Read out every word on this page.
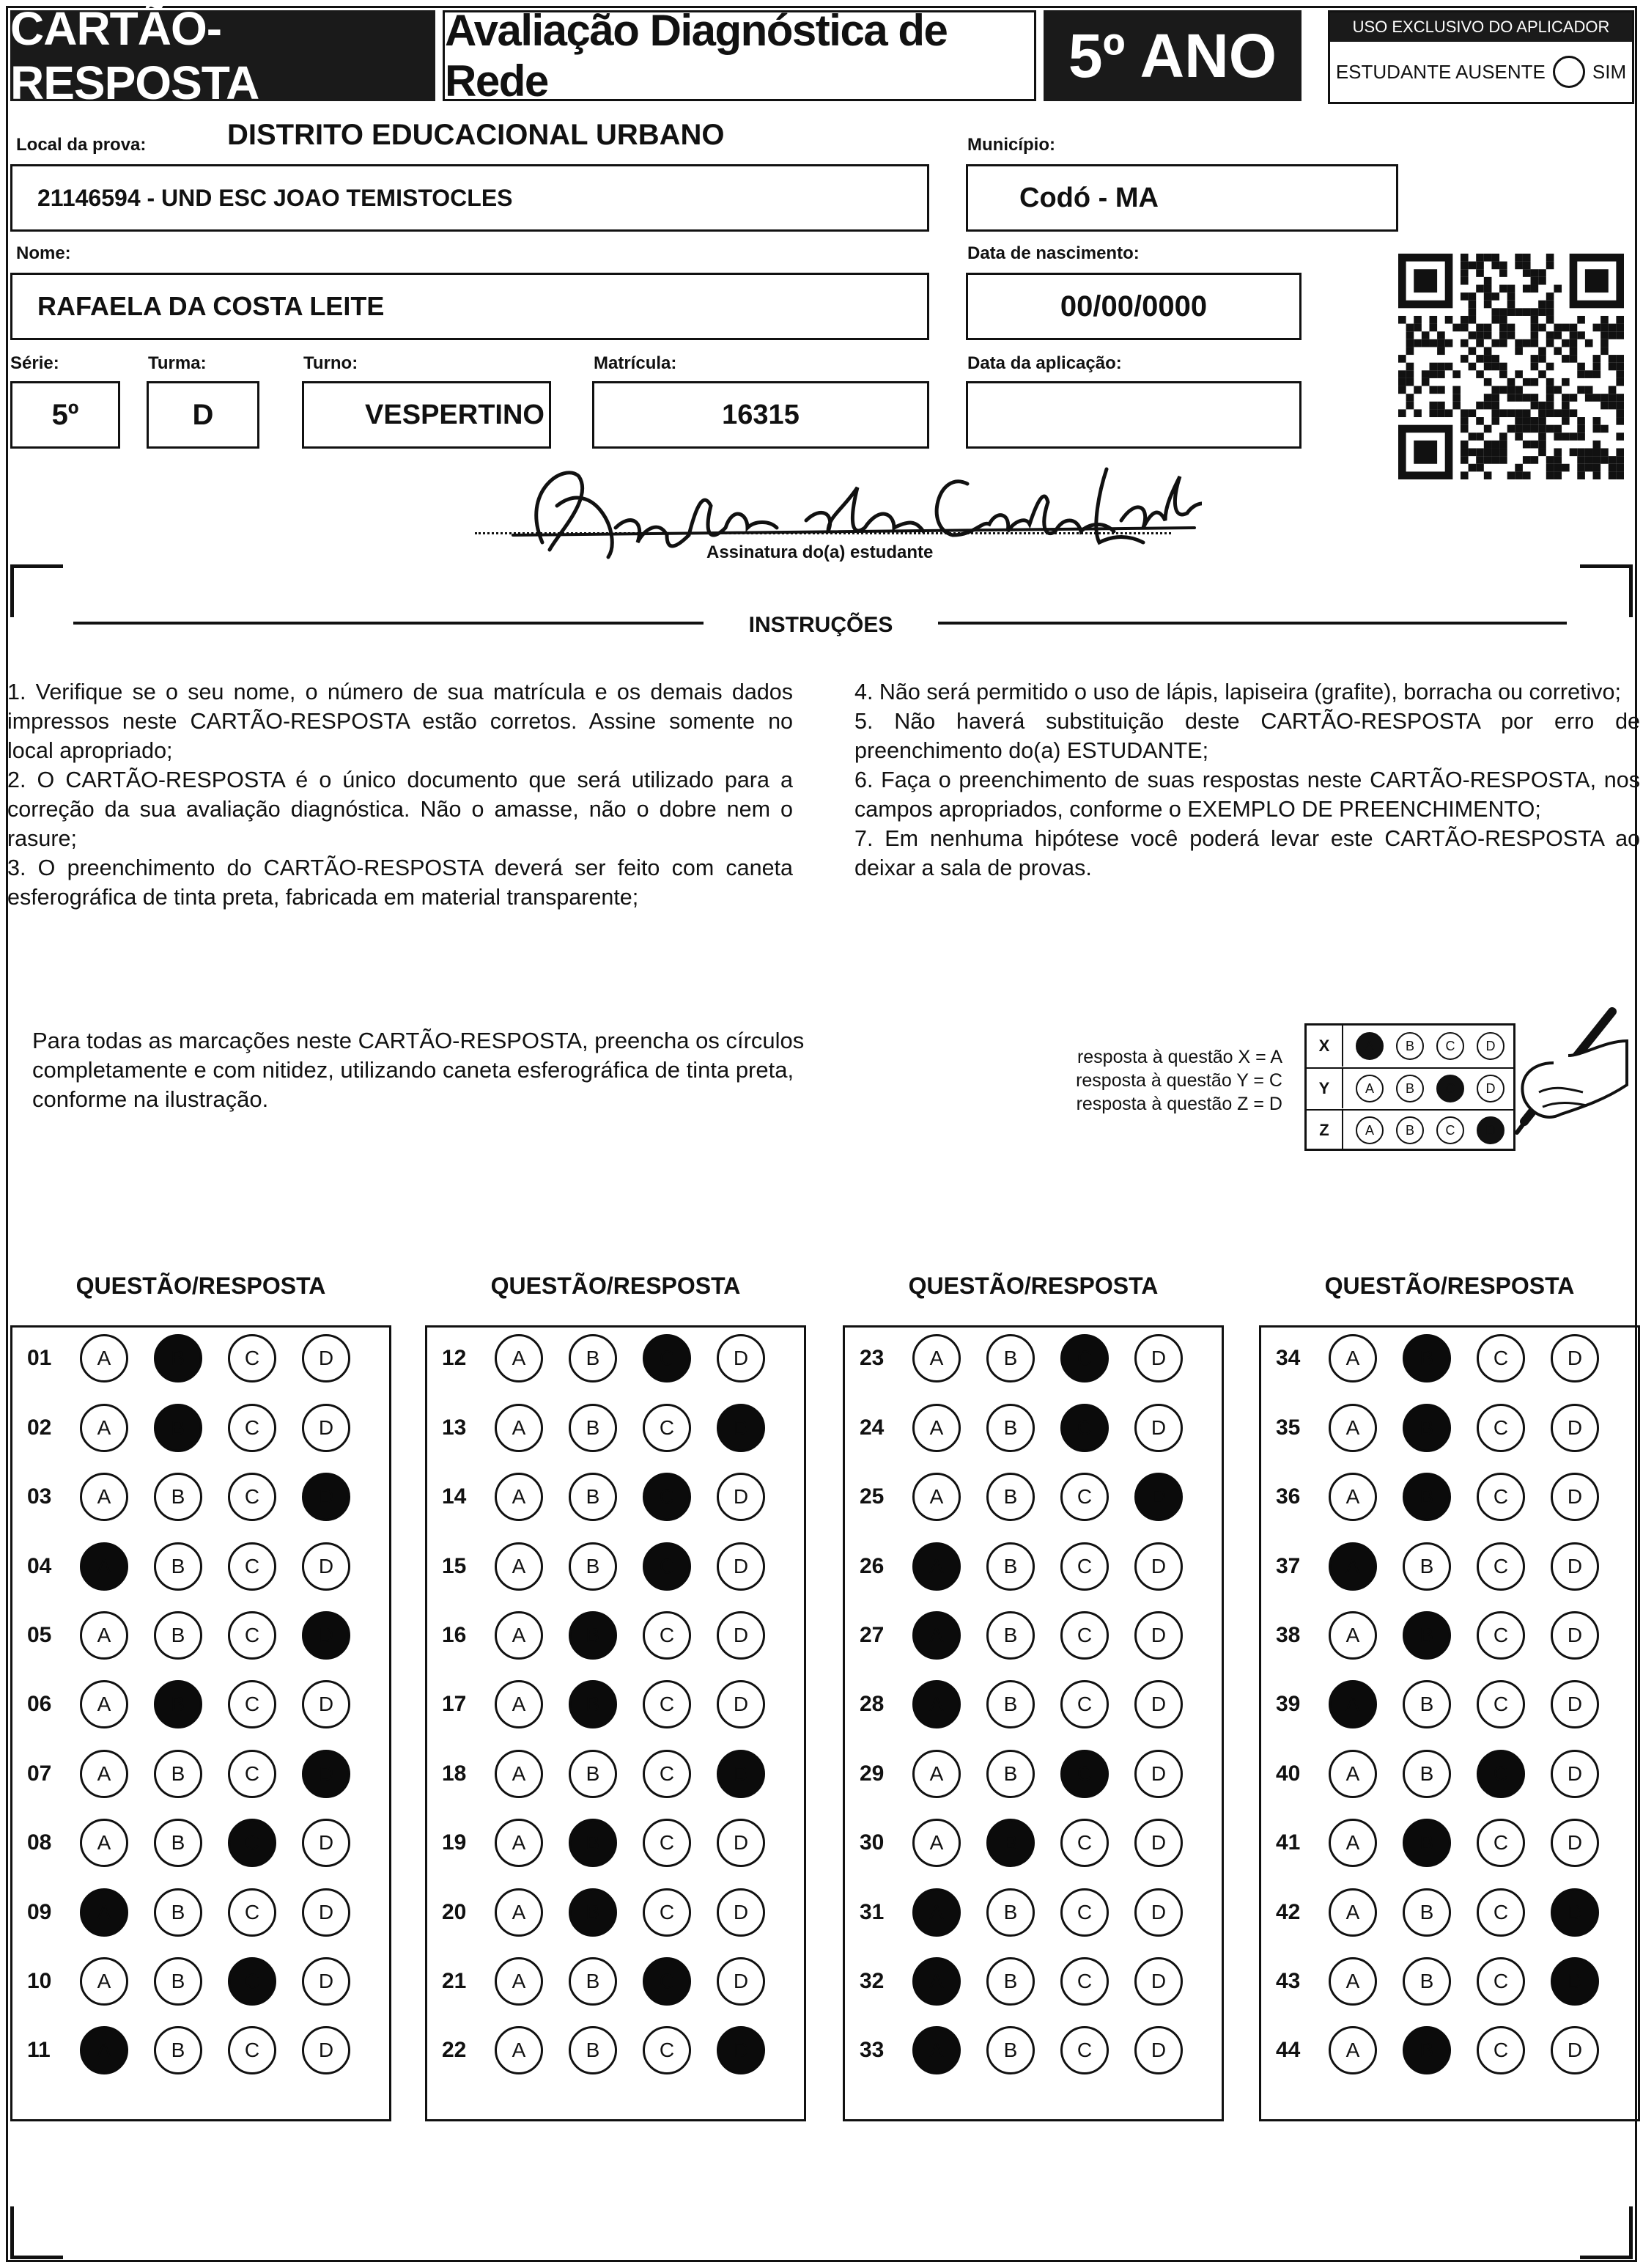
CARTÃO-RESPOSTA
Avaliação Diagnóstica de Rede	5º ANO	USO EXCLUSIVO DO APLICADOR
ESTUDANTE AUSENTE SIM
Local da prova:	DISTRITO EDUCACIONAL URBANO
21146594 - UND ESC JOAO TEMISTOCLES
Município:
Codó - MA
Nome:
RAFAELA DA COSTA LEITE
Data de nascimento:
00/00/0000
Série:
5º
Turma:
D
Turno:
VESPERTINO
Matrícula:
16315
Data da aplicação:
Assinatura do(a) estudante
INSTRUÇÕES

1. Verifique se o seu nome, o número de sua matrícula e os demais dados impressos neste CARTÃO-RESPOSTA estão corretos. Assine somente no local apropriado;

2. O CARTÃO-RESPOSTA é o único documento que será utilizado para a correção da sua avaliação diagnóstica. Não o amasse, não o dobre nem o rasure;

3. O preenchimento do CARTÃO-RESPOSTA deverá ser feito com caneta esferográfica de tinta preta, fabricada em material transparente;

4. Não será permitido o uso de lápis, lapiseira (grafite), borracha ou corretivo;

5. Não haverá substituição deste CARTÃO-RESPOSTA por erro de preenchimento do(a) ESTUDANTE;

6. Faça o preenchimento de suas respostas neste CARTÃO-RESPOSTA, nos campos apropriados, conforme o EXEMPLO DE PREENCHIMENTO;

7. Em nenhuma hipótese você poderá levar este CARTÃO-RESPOSTA ao deixar a sala de provas.

Para todas as marcações neste CARTÃO-RESPOSTA, preencha os círculos completamente e com nitidez, utilizando caneta esferográfica de tinta preta, conforme na ilustração.
resposta à questão X = A
resposta à questão Y = C
resposta à questão Z = D
X	A	B	C	D
Y	A	B	C	D
Z	A	B	C	D
QUESTÃO/RESPOSTA
01	A	B	C	D
02	A	B	C	D
03	A	B	C	D
04	A	B	C	D
05	A	B	C	D
06	A	B	C	D
07	A	B	C	D
08	A	B	C	D
09	A	B	C	D
10	A	B	C	D
11	A	B	C	D
QUESTÃO/RESPOSTA
12	A	B	C	D
13	A	B	C	D
14	A	B	C	D
15	A	B	C	D
16	A	B	C	D
17	A	B	C	D
18	A	B	C	D
19	A	B	C	D
20	A	B	C	D
21	A	B	C	D
22	A	B	C	D
QUESTÃO/RESPOSTA
23	A	B	C	D
24	A	B	C	D
25	A	B	C	D
26	A	B	C	D
27	A	B	C	D
28	A	B	C	D
29	A	B	C	D
30	A	B	C	D
31	A	B	C	D
32	A	B	C	D
33	A	B	C	D
QUESTÃO/RESPOSTA
34	A	B	C	D
35	A	B	C	D
36	A	B	C	D
37	A	B	C	D
38	A	B	C	D
39	A	B	C	D
40	A	B	C	D
41	A	B	C	D
42	A	B	C	D
43	A	B	C	D
44	A	B	C	D
